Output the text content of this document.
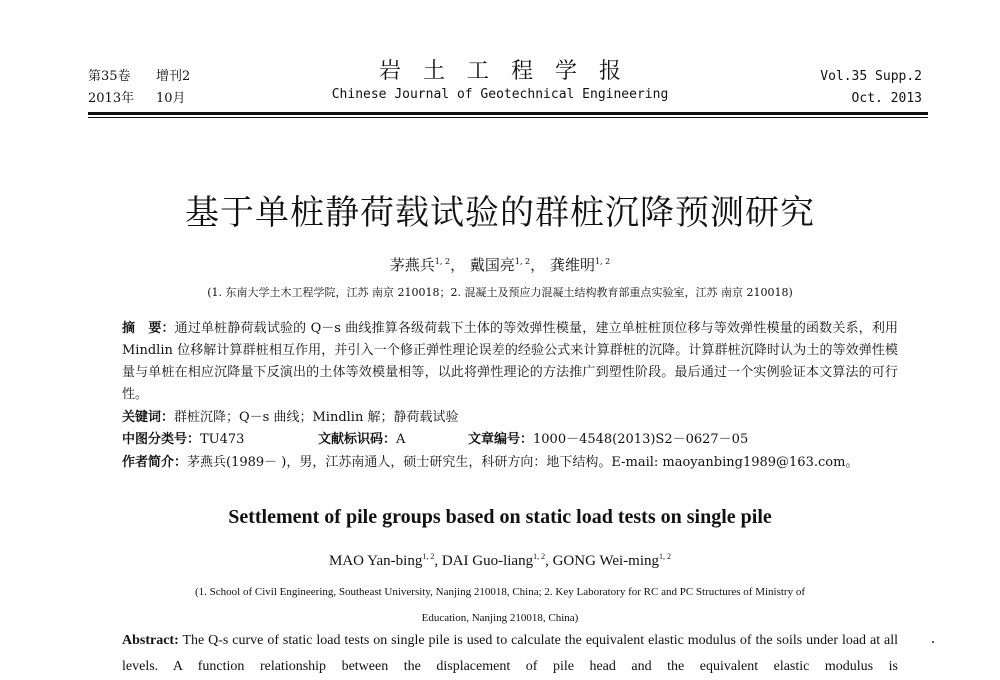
第35卷 增刊2
2013年 10月
岩土工程学报
Chinese Journal of Geotechnical Engineering
Vol.35 Supp.2
Oct. 2013
基于单桩静荷载试验的群桩沉降预测研究
茅燕兵$^{1, 2}$， 戴国亮$^{1, 2}$， 龚维明$^{1, 2}$
(1. 东南大学土木工程学院，江苏 南京 210018；2. 混凝土及预应力混凝土结构教育部重点实验室，江苏 南京 210018)
摘　要：通过单桩静荷载试验的 Q－s 曲线推算各级荷载下土体的等效弹性模量，建立单桩桩顶位移与等效弹性模量的函数关系，利用 Mindlin 位移解计算群桩相互作用，并引入一个修正弹性理论误差的经验公式来计算群桩的沉降。计算群桩沉降时认为土的等效弹性模量与单桩在相应沉降量下反演出的土体等效模量相等，以此将弹性理论的方法推广到塑性阶段。最后通过一个实例验证本文算法的可行性。
关键词：群桩沉降；Q－s 曲线；Mindlin 解；静荷载试验
中图分类号：TU473	文献标识码：A	文章编号：1000－4548(2013)S2－0627－05
作者简介：茅燕兵(1989－ )，男，江苏南通人，硕士研究生，科研方向：地下结构。E-mail: maoyanbing1989@163.com。
Settlement of pile groups based on static load tests on single pile
MAO Yan-bing$^{1, 2}$, DAI Guo-liang$^{1, 2}$, GONG Wei-ming$^{1, 2}$
(1. School of Civil Engineering, Southeast University, Nanjing 210018, China; 2. Key Laboratory for RC and PC Structures of Ministry of
Education, Nanjing 210018, China)
Abstract: The Q-s curve of static load tests on single pile is used to calculate the equivalent elastic modulus of the soils under load at all levels. A function relationship between the displacement of pile head and the equivalent elastic modulus is
